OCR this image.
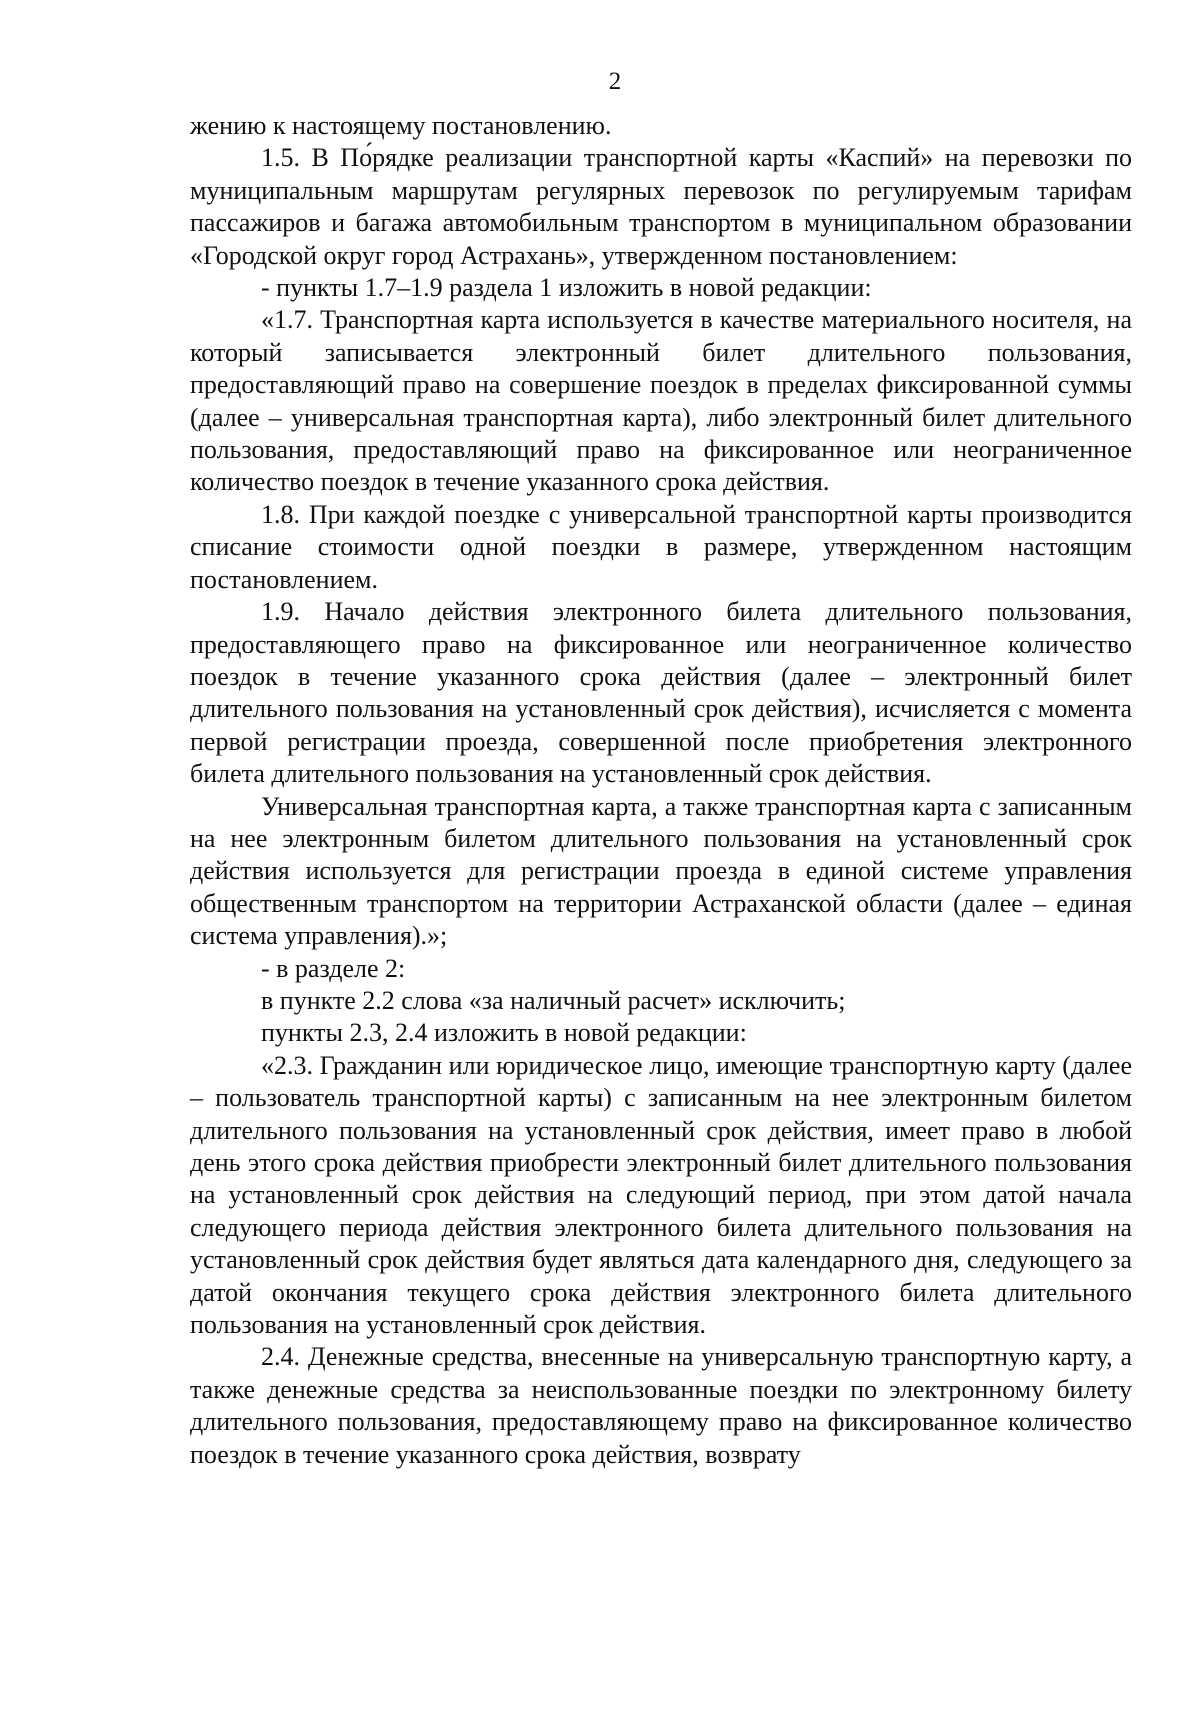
2

жению к настоящему постановлению.

1.5. В По́рядке реализации транспортной карты «Каспий» на перевозки по муниципальным маршрутам регулярных перевозок по регулируемым тарифам пассажиров и багажа автомобильным транспортом в муниципальном образовании «Городской округ город Астрахань», утвержденном постановлением:

- пункты 1.7–1.9 раздела 1 изложить в новой редакции:

«1.7. Транспортная карта используется в качестве материального носителя, на который записывается электронный билет длительного пользования, предоставляющий право на совершение поездок в пределах фиксированной суммы (далее – универсальная транспортная карта), либо электронный билет длительного пользования, предоставляющий право на фиксированное или неограниченное количество поездок в течение указанного срока действия.

1.8. При каждой поездке с универсальной транспортной карты производится списание стоимости одной поездки в размере, утвержденном настоящим постановлением.

1.9. Начало действия электронного билета длительного пользования, предоставляющего право на фиксированное или неограниченное количество поездок в течение указанного срока действия (далее – электронный билет длительного пользования на установленный срок действия), исчисляется с момента первой регистрации проезда, совершенной после приобретения электронного билета длительного пользования на установленный срок действия.

Универсальная транспортная карта, а также транспортная карта с записанным на нее электронным билетом длительного пользования на установленный срок действия используется для регистрации проезда в единой системе управления общественным транспортом на территории Астраханской области (далее – единая система управления).»;

- в разделе 2:

в пункте 2.2 слова «за наличный расчет» исключить;

пункты 2.3, 2.4 изложить в новой редакции:

«2.3. Гражданин или юридическое лицо, имеющие транспортную карту (далее – пользователь транспортной карты) с записанным на нее электронным билетом длительного пользования на установленный срок действия, имеет право в любой день этого срока действия приобрести электронный билет длительного пользования на установленный срок действия на следующий период, при этом датой начала следующего периода действия электронного билета длительного пользования на установленный срок действия будет являться дата календарного дня, следующего за датой окончания текущего срока действия электронного билета длительного пользования на установленный срок действия.

2.4. Денежные средства, внесенные на универсальную транспортную карту, а также денежные средства за неиспользованные поездки по электронному билету длительного пользования, предоставляющему право на фиксированное количество поездок в течение указанного срока действия, возврату
